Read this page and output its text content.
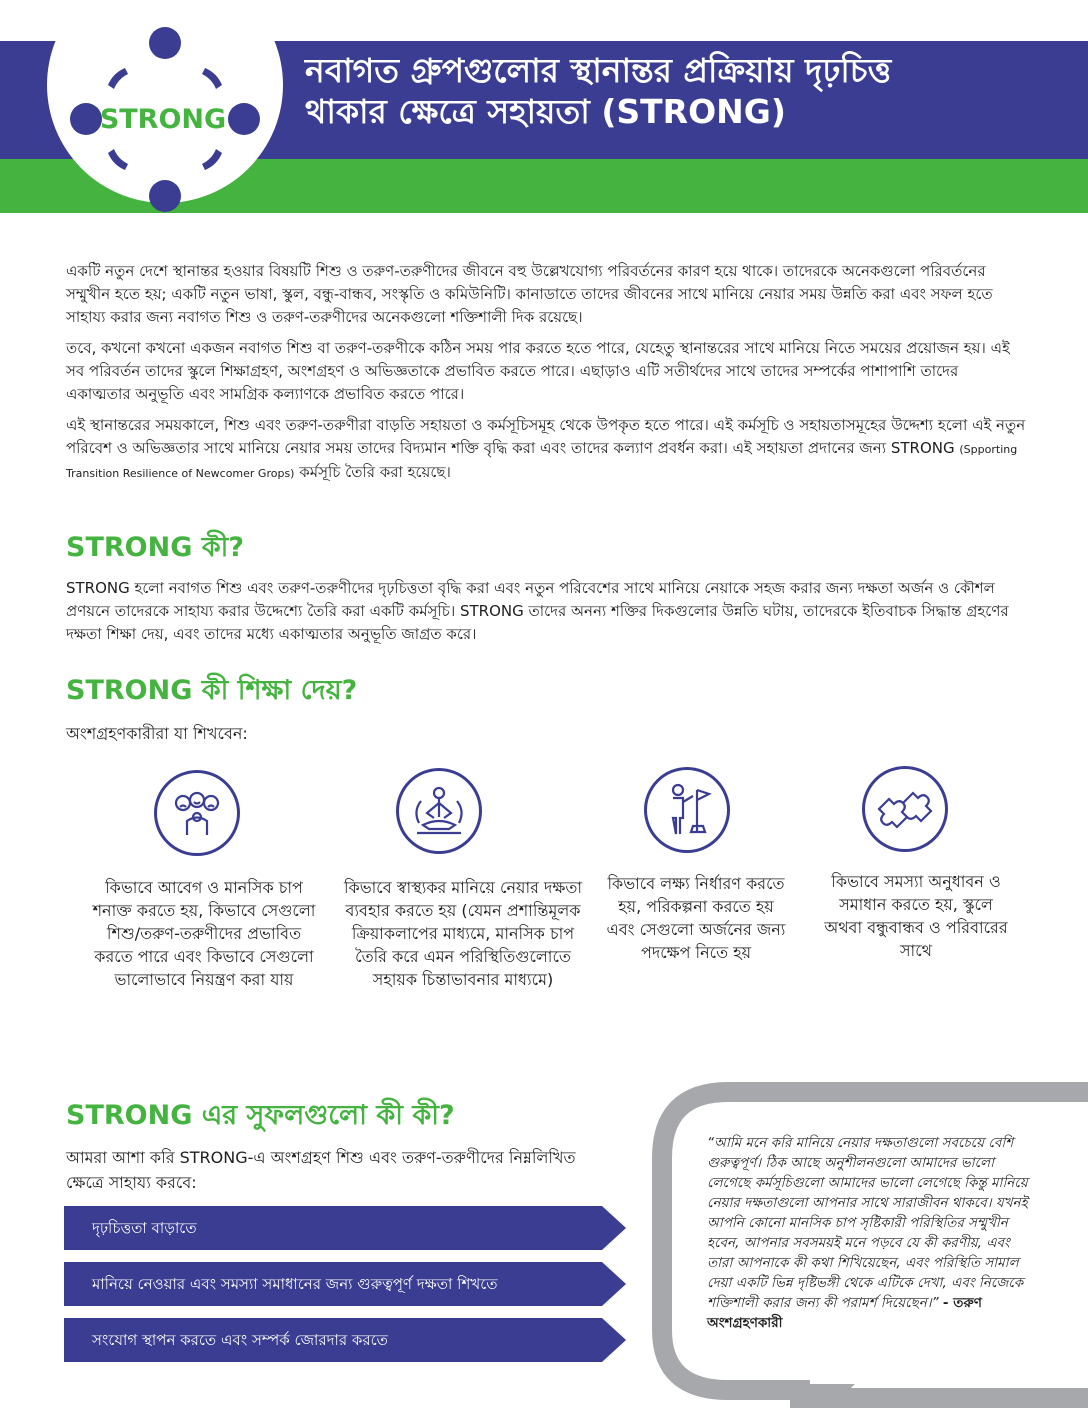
STRONG
নবাগত গ্রুপগুলোর স্থানান্তর প্রক্রিয়ায় দৃঢ়চিত্ত
থাকার ক্ষেত্রে সহায়তা (STRONG)

একটি নতুন দেশে স্থানান্তর হওয়ার বিষয়টি শিশু ও তরুণ-তরুণীদের জীবনে বহু উল্লেখযোগ্য পরিবর্তনের কারণ হয়ে থাকে। তাদেরকে অনেকগুলো পরিবর্তনের সম্মুখীন হতে হয়; একটি নতুন ভাষা, স্কুল, বন্ধু-বান্ধব, সংস্কৃতি ও কমিউনিটি। কানাডাতে তাদের জীবনের সাথে মানিয়ে নেয়ার সময় উন্নতি করা এবং সফল হতে সাহায্য করার জন্য নবাগত শিশু ও তরুণ-তরুণীদের অনেকগুলো শক্তিশালী দিক রয়েছে।

তবে, কখনো কখনো একজন নবাগত শিশু বা তরুণ-তরুণীকে কঠিন সময় পার করতে হতে পারে, যেহেতু স্থানান্তরের সাথে মানিয়ে নিতে সময়ের প্রয়োজন হয়। এই সব পরিবর্তন তাদের স্কুলে শিক্ষাগ্রহণ, অংশগ্রহণ ও অভিজ্ঞতাকে প্রভাবিত করতে পারে। এছাড়াও এটি সতীর্থদের সাথে তাদের সম্পর্কের পাশাপাশি তাদের একাত্মতার অনুভূতি এবং সামগ্রিক কল্যাণকে প্রভাবিত করতে পারে।

এই স্থানান্তরের সময়কালে, শিশু এবং তরুণ-তরুণীরা বাড়তি সহায়তা ও কর্মসূচিসমূহ থেকে উপকৃত হতে পারে। এই কর্মসূচি ও সহায়তাসমূহের উদ্দেশ্য হলো এই নতুন পরিবেশ ও অভিজ্ঞতার সাথে মানিয়ে নেয়ার সময় তাদের বিদ্যমান শক্তি বৃদ্ধি করা এবং তাদের কল্যাণ প্রবর্ধন করা। এই সহায়তা প্রদানের জন্য STRONG (Spporting Transition Resilience of Newcomer Grops) কর্মসূচি তৈরি করা হয়েছে।

STRONG কী?

STRONG হলো নবাগত শিশু এবং তরুণ-তরুণীদের দৃঢ়চিত্ততা বৃদ্ধি করা এবং নতুন পরিবেশের সাথে মানিয়ে নেয়াকে সহজ করার জন্য দক্ষতা অর্জন ও কৌশল প্রণয়নে তাদেরকে সাহায্য করার উদ্দেশ্যে তৈরি করা একটি কর্মসূচি। STRONG তাদের অনন্য শক্তির দিকগুলোর উন্নতি ঘটায়, তাদেরকে ইতিবাচক সিদ্ধান্ত গ্রহণের দক্ষতা শিক্ষা দেয়, এবং তাদের মধ্যে একাত্মতার অনুভূতি জাগ্রত করে।

STRONG কী শিক্ষা দেয়?
অংশগ্রহণকারীরা যা শিখবেন:

কিভাবে আবেগ ও মানসিক চাপ শনাক্ত করতে হয়, কিভাবে সেগুলো শিশু/তরুণ-তরুণীদের প্রভাবিত করতে পারে এবং কিভাবে সেগুলো ভালোভাবে নিয়ন্ত্রণ করা যায়

কিভাবে স্বাস্থ্যকর মানিয়ে নেয়ার দক্ষতা ব্যবহার করতে হয় (যেমন প্রশান্তিমূলক ক্রিয়াকলাপের মাধ্যমে, মানসিক চাপ তৈরি করে এমন পরিস্থিতিগুলোতে সহায়ক চিন্তাভাবনার মাধ্যমে)

কিভাবে লক্ষ্য নির্ধারণ করতে হয়, পরিকল্পনা করতে হয় এবং সেগুলো অর্জনের জন্য পদক্ষেপ নিতে হয়

কিভাবে সমস্যা অনুধাবন ও সমাধান করতে হয়, স্কুলে অথবা বন্ধুবান্ধব ও পরিবারের সাথে

STRONG এর সুফলগুলো কী কী?
আমরা আশা করি STRONG-এ অংশগ্রহণ শিশু এবং তরুণ-তরুণীদের নিম্নলিখিত ক্ষেত্রে সাহায্য করবে:
দৃঢ়চিত্ততা বাড়াতে
মানিয়ে নেওয়ার এবং সমস্যা সমাধানের জন্য গুরুত্বপূর্ণ দক্ষতা শিখতে
সংযোগ স্থাপন করতে এবং সম্পর্ক জোরদার করতে

“আমি মনে করি মানিয়ে নেয়ার দক্ষতাগুলো সবচেয়ে বেশি গুরুত্বপূর্ণ। ঠিক আছে অনুশীলনগুলো আমাদের ভালো লেগেছে কর্মসূচিগুলো আমাদের ভালো লেগেছে কিন্তু মানিয়ে নেয়ার দক্ষতাগুলো আপনার সাথে সারাজীবন থাকবে। যখনই আপনি কোনো মানসিক চাপ সৃষ্টিকারী পরিস্থিতির সম্মুখীন হবেন, আপনার সবসময়ই মনে পড়বে যে কী করণীয়, এবং তারা আপনাকে কী কথা শিখিয়েছেন, এবং পরিস্থিতি সামাল দেয়া একটি ভিন্ন দৃষ্টিভঙ্গী থেকে এটিকে দেখা, এবং নিজেকে শক্তিশালী করার জন্য কী পরামর্শ দিয়েছেন।” - তরুণ অংশগ্রহণকারী
